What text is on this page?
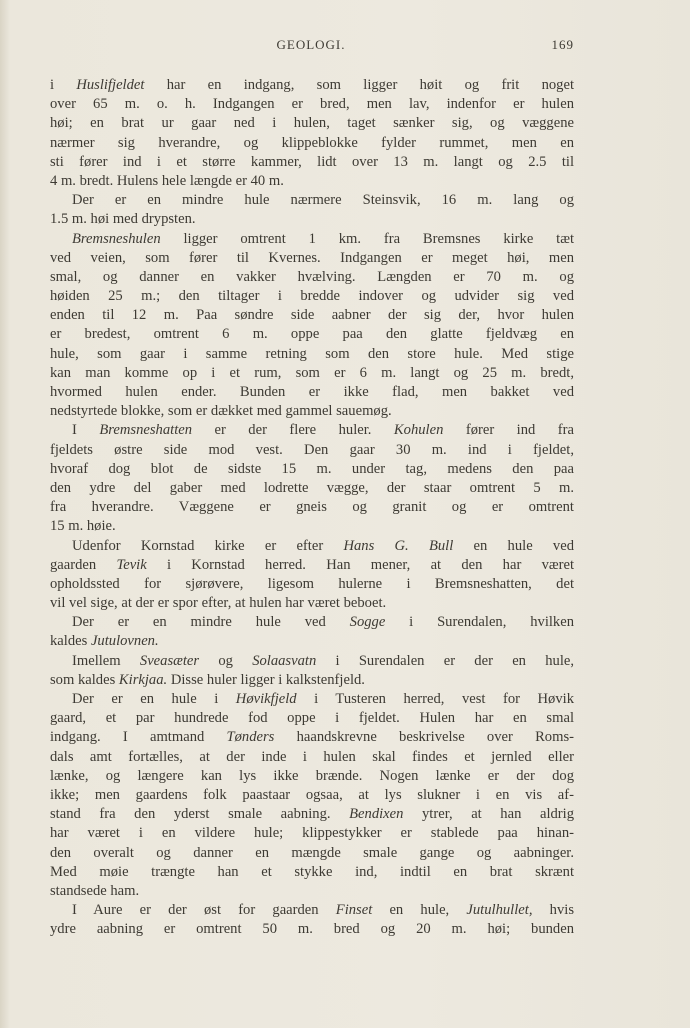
GEOLOGI.	169
i Huslifjeldet har en indgang, som ligger høit og frit noget
over 65 m. o. h. Indgangen er bred, men lav, indenfor er hulen
høi; en brat ur gaar ned i hulen, taget sænker sig, og væggene
nærmer sig hverandre, og klippeblokke fylder rummet, men en
sti fører ind i et større kammer, lidt over 13 m. langt og 2.5 til
4 m. bredt. Hulens hele længde er 40 m.
Der er en mindre hule nærmere Steinsvik, 16 m. lang og
1.5 m. høi med drypsten.
Bremsneshulen ligger omtrent 1 km. fra Bremsnes kirke tæt
ved veien, som fører til Kvernes. Indgangen er meget høi, men
smal, og danner en vakker hvælving. Længden er 70 m. og
høiden 25 m.; den tiltager i bredde indover og udvider sig ved
enden til 12 m. Paa søndre side aabner der sig der, hvor hulen
er bredest, omtrent 6 m. oppe paa den glatte fjeldvæg en
hule, som gaar i samme retning som den store hule. Med stige
kan man komme op i et rum, som er 6 m. langt og 25 m. bredt,
hvormed hulen ender. Bunden er ikke flad, men bakket ved
nedstyrtede blokke, som er dækket med gammel sauemøg.
I Bremsneshatten er der flere huler. Kohulen fører ind fra
fjeldets østre side mod vest. Den gaar 30 m. ind i fjeldet,
hvoraf dog blot de sidste 15 m. under tag, medens den paa
den ydre del gaber med lodrette vægge, der staar omtrent 5 m.
fra hverandre. Væggene er gneis og granit og er omtrent
15 m. høie.
Udenfor Kornstad kirke er efter Hans G. Bull en hule ved
gaarden Tevik i Kornstad herred. Han mener, at den har været
opholdssted for sjørøvere, ligesom hulerne i Bremsneshatten, det
vil vel sige, at der er spor efter, at hulen har været beboet.
Der er en mindre hule ved Sogge i Surendalen, hvilken
kaldes Jutulovnen.
Imellem Sveasæter og Solaasvatn i Surendalen er der en hule,
som kaldes Kirkjaa. Disse huler ligger i kalkstenfjeld.
Der er en hule i Høvikfjeld i Tusteren herred, vest for Høvik
gaard, et par hundrede fod oppe i fjeldet. Hulen har en smal
indgang. I amtmand Tønders haandskrevne beskrivelse over Roms-
dals amt fortælles, at der inde i hulen skal findes et jernled eller
lænke, og længere kan lys ikke brænde. Nogen lænke er der dog
ikke; men gaardens folk paastaar ogsaa, at lys slukner i en vis af-
stand fra den yderst smale aabning. Bendixen ytrer, at han aldrig
har været i en vildere hule; klippestykker er stablede paa hinan-
den overalt og danner en mængde smale gange og aabninger.
Med møie trængte han et stykke ind, indtil en brat skrænt
standsede ham.
I Aure er der øst for gaarden Finset en hule, Jutulhullet, hvis
ydre aabning er omtrent 50 m. bred og 20 m. høi; bunden
